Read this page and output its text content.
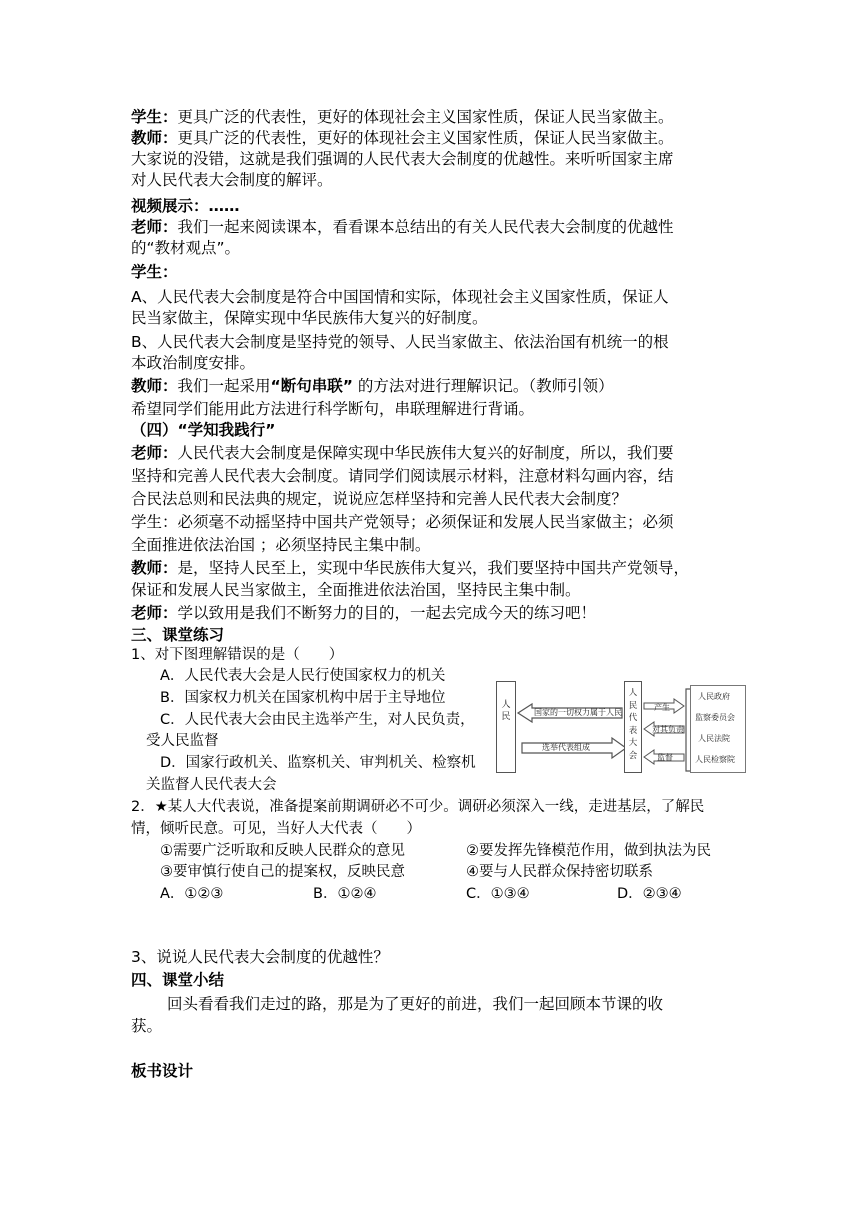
学生：更具广泛的代表性，更好的体现社会主义国家性质，保证人民当家做主。
教师：更具广泛的代表性，更好的体现社会主义国家性质，保证人民当家做主。
大家说的没错，这就是我们强调的人民代表大会制度的优越性。来听听国家主席
对人民代表大会制度的解评。
视频展示：……
老师：我们一起来阅读课本，看看课本总结出的有关人民代表大会制度的优越性
的“教材观点”。
学生：
A、人民代表大会制度是符合中国国情和实际，体现社会主义国家性质，保证人
民当家做主，保障实现中华民族伟大复兴的好制度。
B、人民代表大会制度是坚持党的领导、人民当家做主、依法治国有机统一的根
本政治制度安排。
教师：我们一起采用“断句串联” 的方法对进行理解识记。（教师引领）
希望同学们能用此方法进行科学断句，串联理解进行背诵。
（四）“学知我践行”
老师：人民代表大会制度是保障实现中华民族伟大复兴的好制度，所以，我们要
坚持和完善人民代表大会制度。请同学们阅读展示材料，注意材料勾画内容，结
合民法总则和民法典的规定，说说应怎样坚持和完善人民代表大会制度？
学生：必须毫不动摇坚持中国共产党领导；必须保证和发展人民当家做主；必须
全面推进依法治国 ；必须坚持民主集中制。
教师：是，坚持人民至上，实现中华民族伟大复兴，我们要坚持中国共产党领导，
保证和发展人民当家做主，全面推进依法治国，坚持民主集中制。
老师：学以致用是我们不断努力的目的，一起去完成今天的练习吧！
三、课堂练习
1、对下图理解错误的是（　　）
A．人民代表大会是人民行使国家权力的机关
B．国家权力机关在国家机构中居于主导地位
C．人民代表大会由民主选举产生，对人民负责，
受人民监督
D．国家行政机关、监察机关、审判机关、检察机
关监督人民代表大会
人
民	国家的一切权力属于人民
选举代表组成
人
民
代
表
大
会
产生
对其负责
监督
人民政府
监察委员会
人民法院
人民检察院
2．★某人大代表说，准备提案前期调研必不可少。调研必须深入一线，走进基层，了解民
情，倾听民意。可见，当好人大代表（　　）
①需要广泛听取和反映人民群众的意见	②要发挥先锋模范作用，做到执法为民
③要审慎行使自己的提案权，反映民意	④要与人民群众保持密切联系
A．①②③	B．①②④	C．①③④	D．②③④
3、说说人民代表大会制度的优越性？
四、课堂小结
回头看看我们走过的路，那是为了更好的前进，我们一起回顾本节课的收
获。
板书设计
